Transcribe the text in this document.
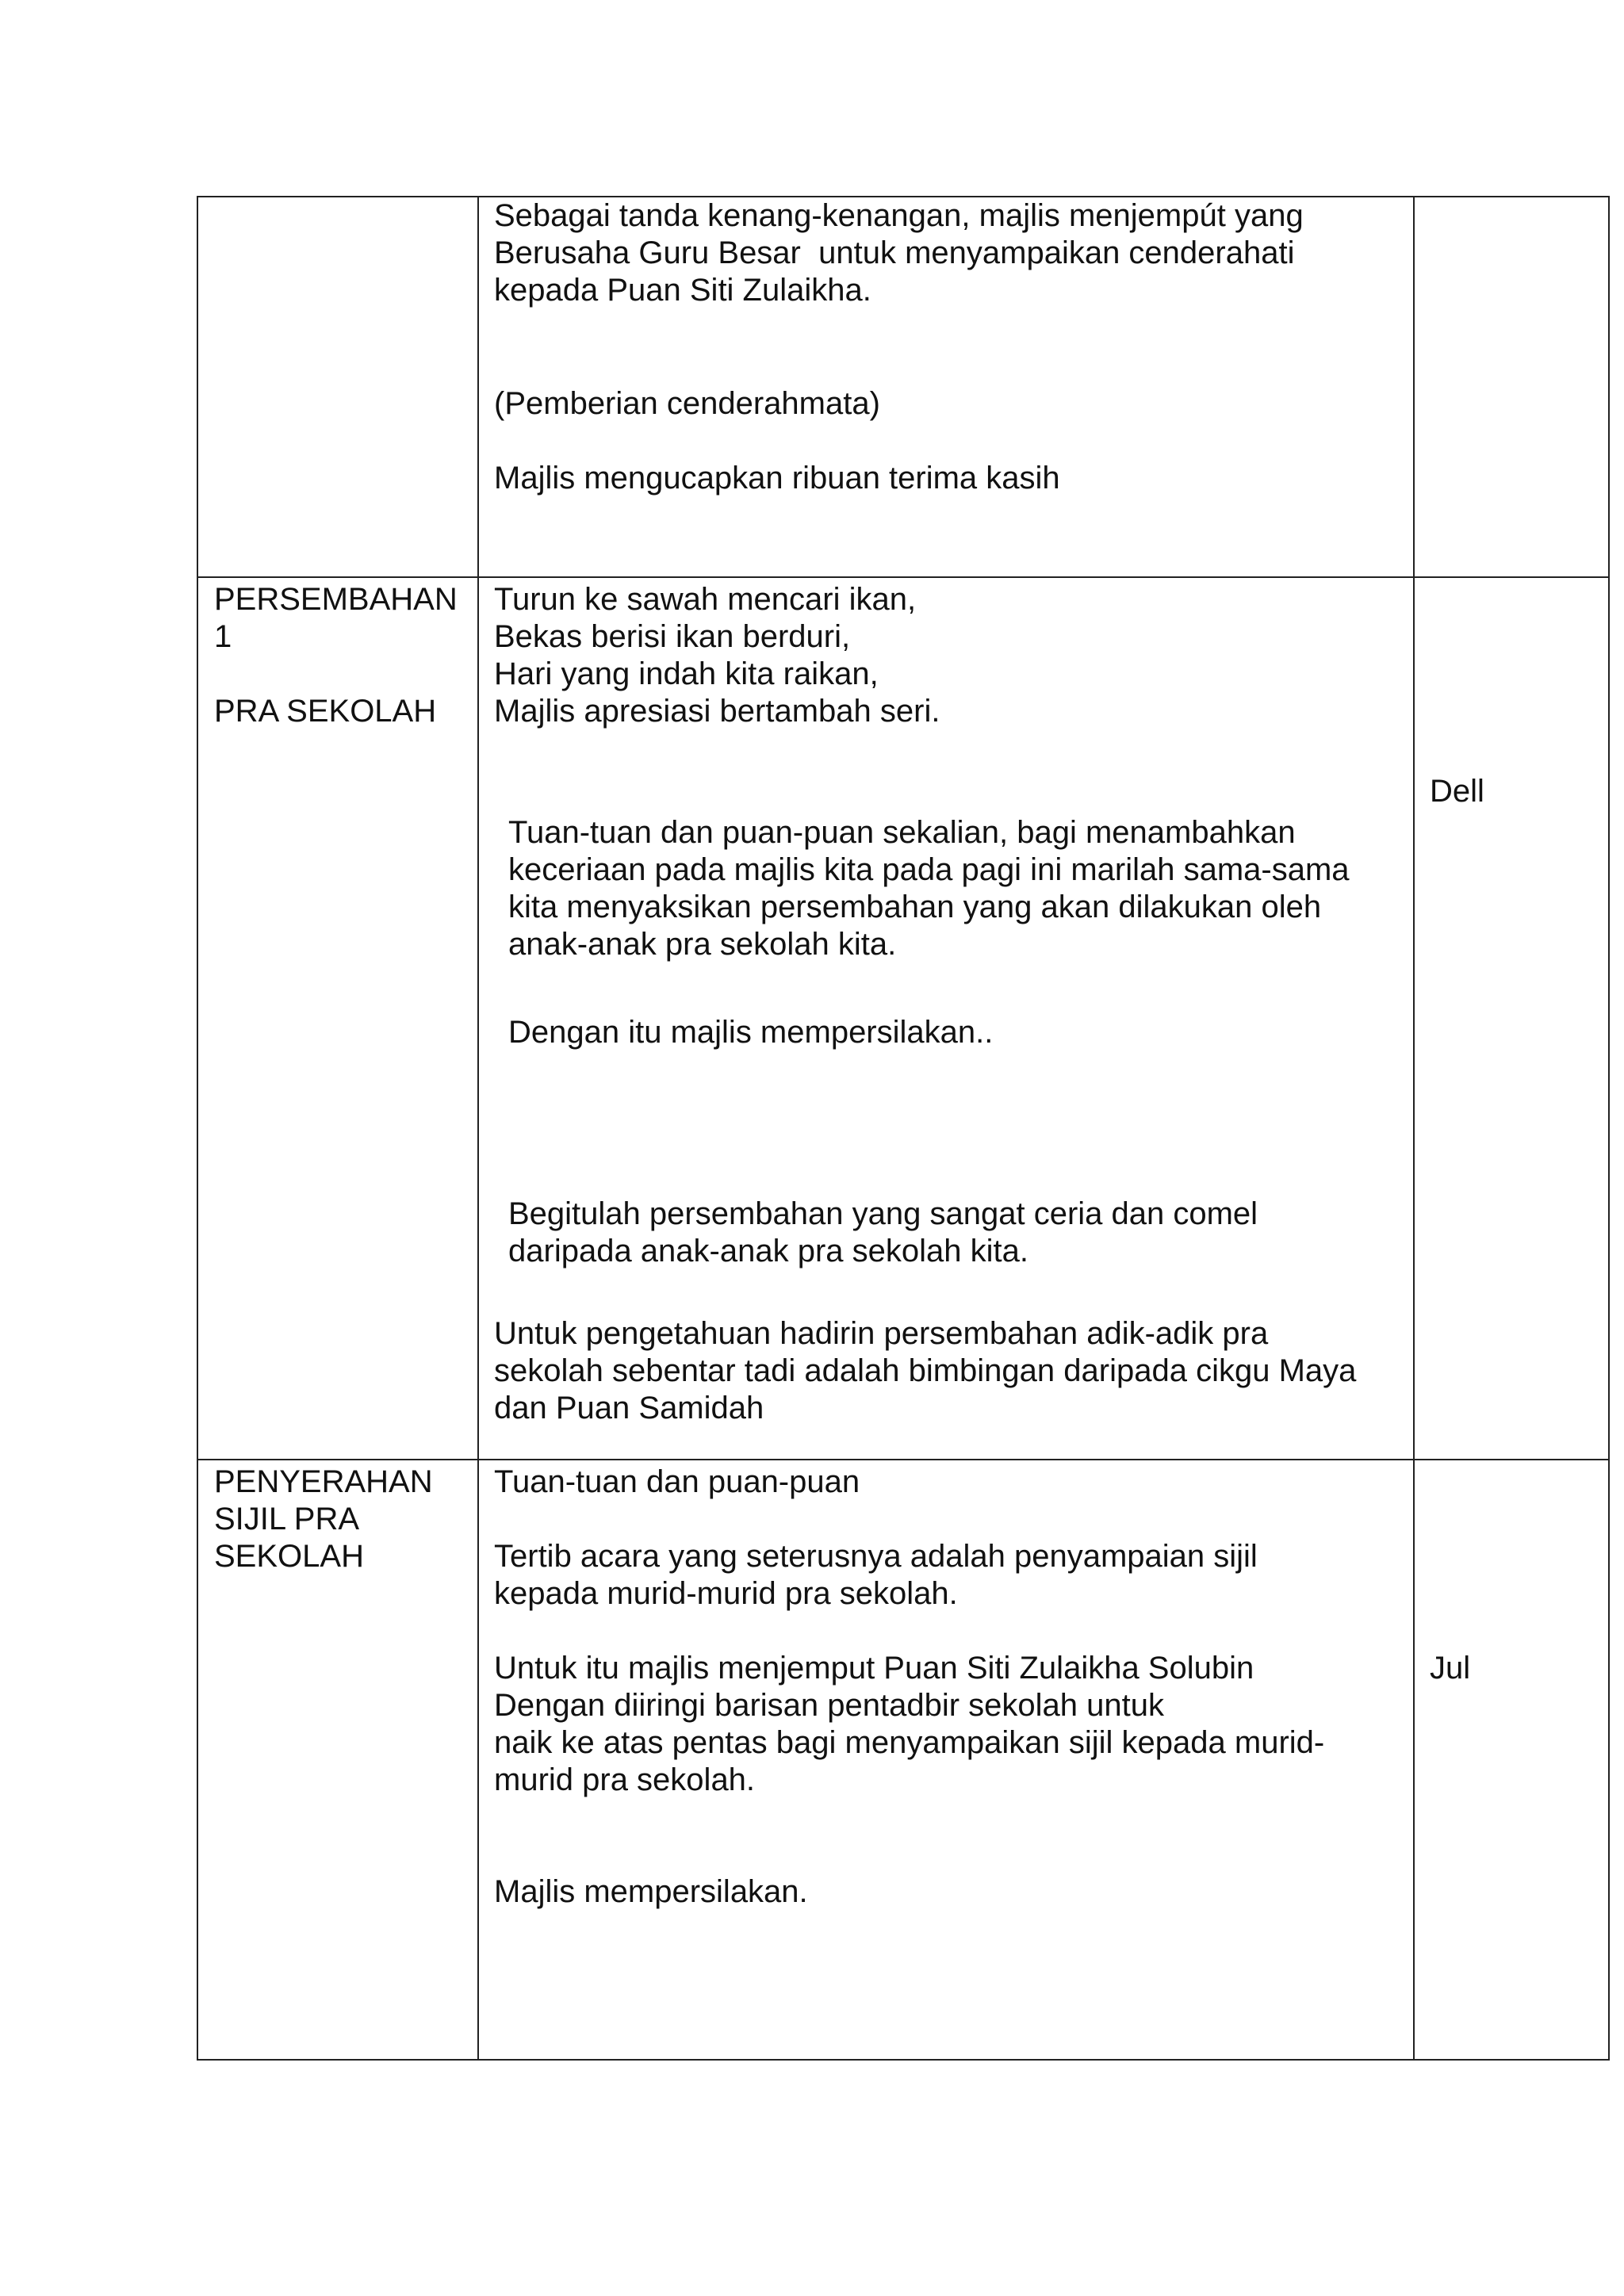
Sebagai tanda kenang-kenangan, majlis menjempút yang

Berusaha Guru Besar  untuk menyampaikan cenderahati

kepada Puan Siti Zulaikha.

(Pemberian cenderahmata)

Majlis mengucapkan ribuan terima kasih

PERSEMBAHAN

1

PRA SEKOLAH

Turun ke sawah mencari ikan,

Bekas berisi ikan berduri,

Hari yang indah kita raikan,

Majlis apresiasi bertambah seri.

Tuan-tuan dan puan-puan sekalian, bagi menambahkan

keceriaan pada majlis kita pada pagi ini marilah sama-sama

kita menyaksikan persembahan yang akan dilakukan oleh

anak-anak pra sekolah kita.

Dengan itu majlis mempersilakan..

Begitulah persembahan yang sangat ceria dan comel

daripada anak-anak pra sekolah kita.

Untuk pengetahuan hadirin persembahan adik-adik pra

sekolah sebentar tadi adalah bimbingan daripada cikgu Maya

dan Puan Samidah

Dell

PENYERAHAN

SIJIL PRA

SEKOLAH

Tuan-tuan dan puan-puan

Tertib acara yang seterusnya adalah penyampaian sijil

kepada murid-murid pra sekolah.

Untuk itu majlis menjemput Puan Siti Zulaikha Solubin

Dengan diiringi barisan pentadbir sekolah untuk

naik ke atas pentas bagi menyampaikan sijil kepada murid-

murid pra sekolah.

Majlis mempersilakan.

Jul
